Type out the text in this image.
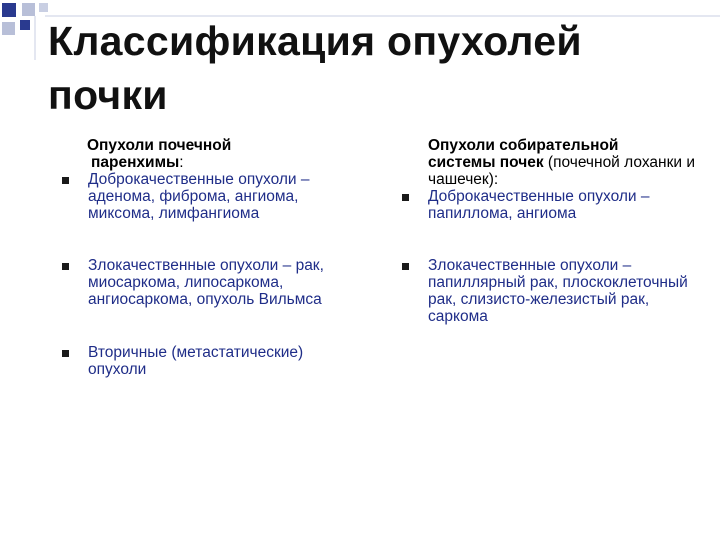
Классификация опухолей почки
Опухоли почечной
паренхимы:
Доброкачественные опухоли – аденома, фиброма, ангиома, миксома, лимфангиома
Злокачественные опухоли – рак, миосаркома, липосаркома, ангиосаркома, опухоль Вильмса
Вторичные (метастатические) опухоли
Опухоли собирательной
системы почек (почечной лоханки и чашечек):
Доброкачественные опухоли – папиллома, ангиома
Злокачественные опухоли – папиллярный рак, плоскоклеточный рак, слизисто-железистый рак, саркома
